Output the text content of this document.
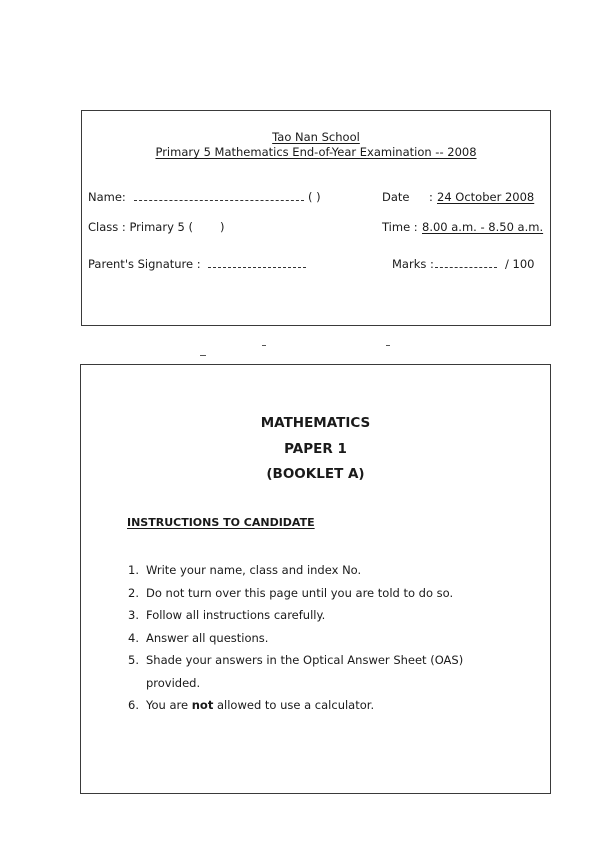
Tao Nan School
Primary 5 Mathematics End-of-Year Examination -- 2008
Name:	( )	Date : 24 October 2008
Class : Primary 5 ( )	Time : 8.00 a.m. - 8.50 a.m.
Parent's Signature :	Marks :	/ 100
MATHEMATICS
PAPER 1
(BOOKLET A)
INSTRUCTIONS TO CANDIDATE
1. Write your name, class and index No.
2. Do not turn over this page until you are told to do so.
3. Follow all instructions carefully.
4. Answer all questions.
5. Shade your answers in the Optical Answer Sheet (OAS)
provided.
6. You are not allowed to use a calculator.
